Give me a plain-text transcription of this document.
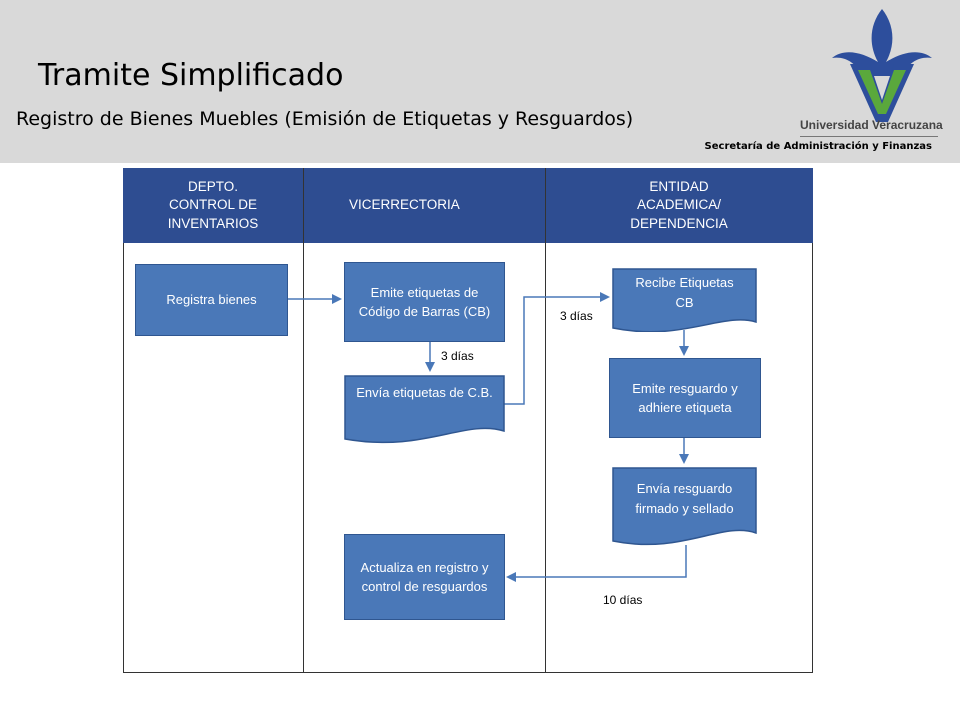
Tramite Simplificado
Registro de Bienes Muebles (Emisión de Etiquetas y Resguardos)	Universidad Veracruzana
Secretaría de Administración y Finanzas
DEPTO.
CONTROL DE
INVENTARIOS
VICERRECTORIA
ENTIDAD
ACADEMICA/
DEPENDENCIA
Registra bienes
Emite etiquetas de Código de Barras (CB)
Envía etiquetas de C.B.
Recibe Etiquetas CB
Emite resguardo y adhiere etiqueta
Envía resguardo firmado y sellado
Actualiza en registro y control de resguardos
3 días
3 días
10 días
